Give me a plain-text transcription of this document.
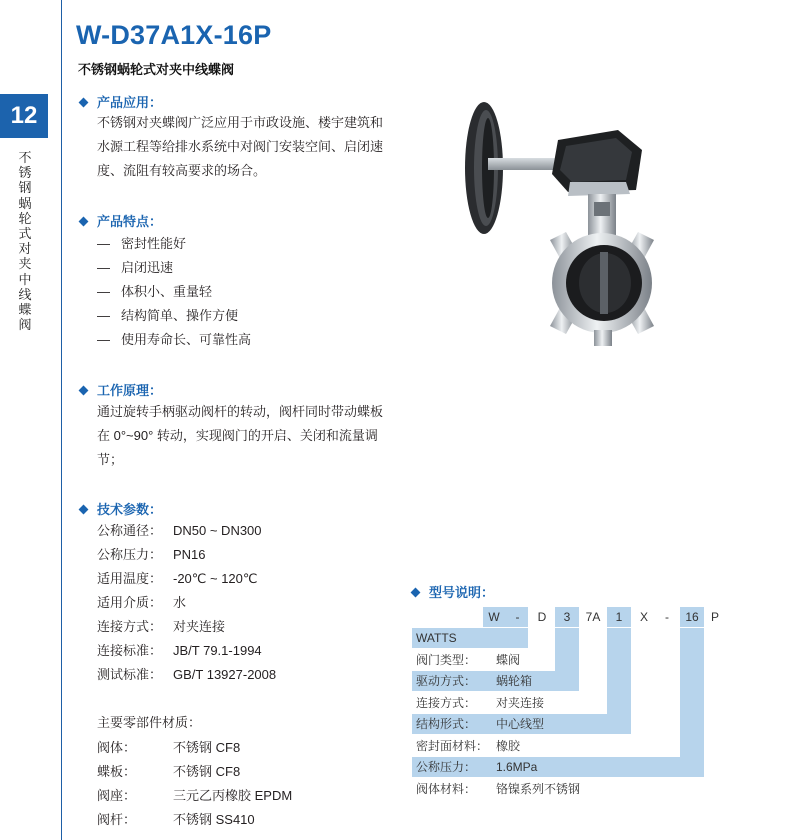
W-D37A1X-16P
不锈钢蜗轮式对夹中线蝶阀
12
不锈钢蜗轮式对夹中线蝶阀
产品应用：
不锈钢对夹蝶阀广泛应用于市政设施、楼宇建筑和水源工程等给排水系统中对阀门安装空间、启闭速度、流阻有较高要求的场合。
产品特点：
— 密封性能好
— 启闭迅速
— 体积小、重量轻
— 结构简单、操作方便
— 使用寿命长、可靠性高
工作原理：
通过旋转手柄驱动阀杆的转动，阀杆同时带动蝶板在 0°~90° 转动，实现阀门的开启、关闭和流量调节；
技术参数：
公称通径： DN50 ~ DN300
公称压力： PN16
适用温度： -20℃ ~ 120℃
适用介质： 水
连接方式： 对夹连接
连接标准： JB/T 79.1-1994
测试标准： GB/T 13927-2008
主要零部件材质：
阀体：	不锈钢 CF8
蝶板：	不锈钢 CF8
阀座：	三元乙丙橡胶 EPDM
阀杆：	不锈钢 SS410
型号说明：
W	-	D	3	7A	1	X	-	16	P
WATTS
阀门类型： 蝶阀
驱动方式： 蜗轮箱
连接方式： 对夹连接
结构形式： 中心线型
密封面材料： 橡胶
公称压力： 1.6MPa
阀体材料： 铬镍系列不锈钢
